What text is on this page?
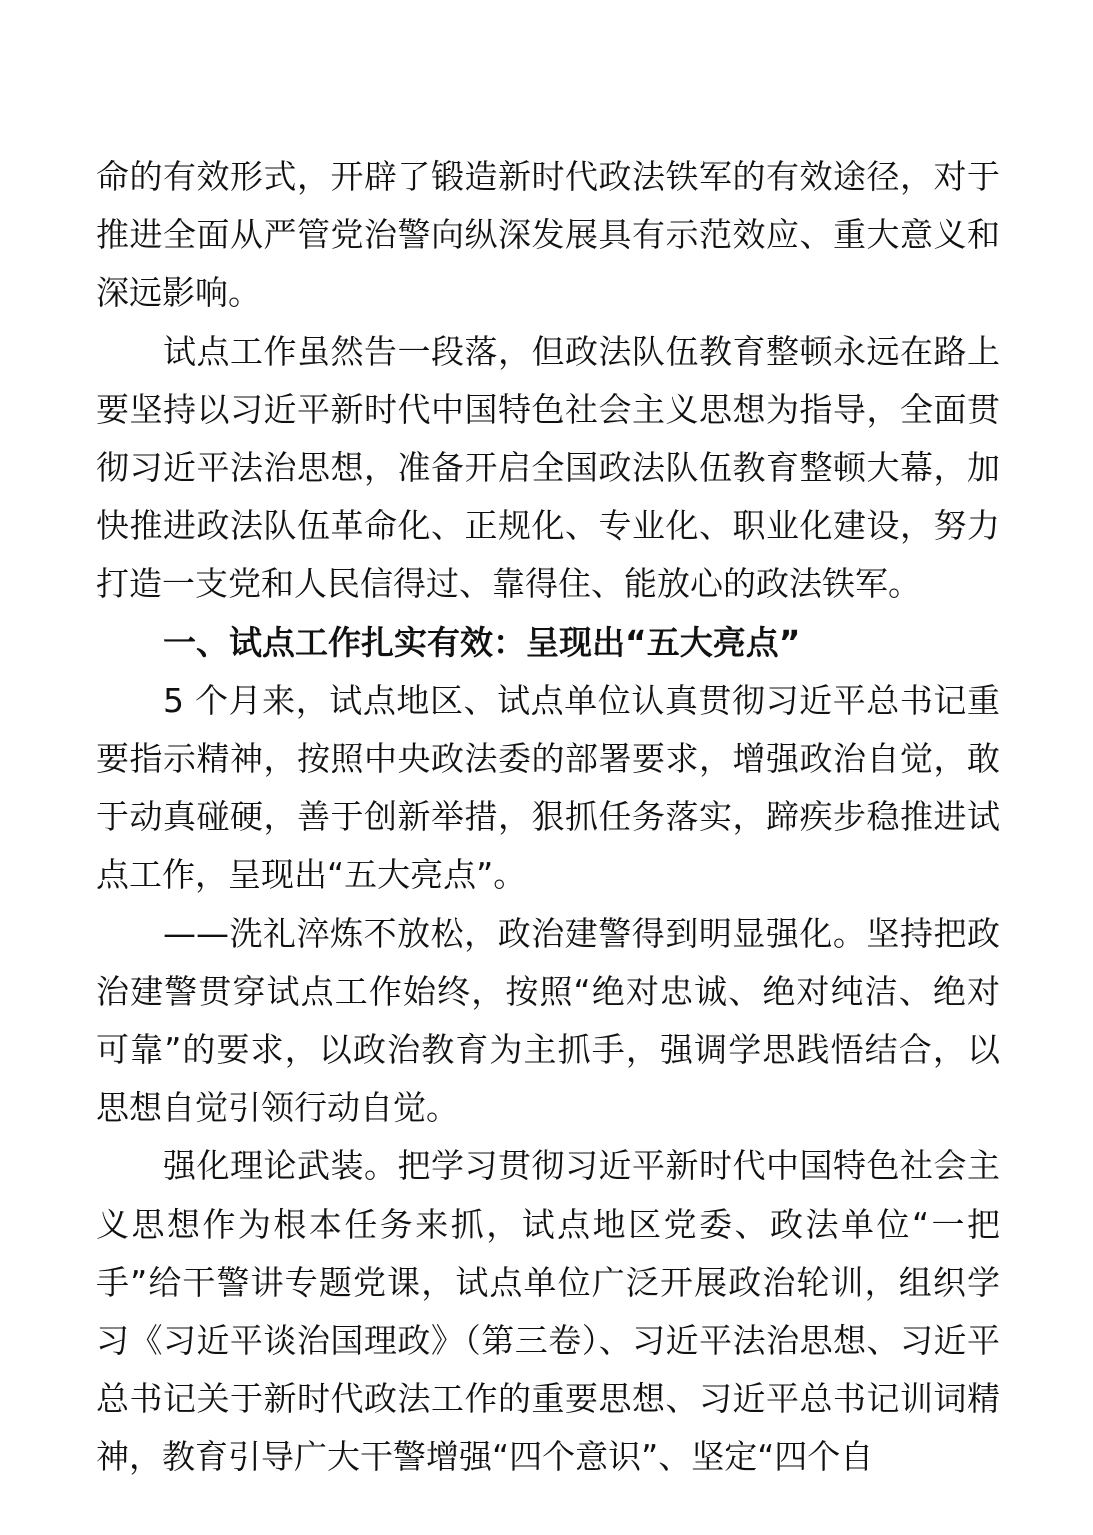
命的有效形式，开辟了锻造新时代政法铁军的有效途径，对于推进全面从严管党治警向纵深发展具有示范效应、重大意义和深远影响。

试点工作虽然告一段落，但政法队伍教育整顿永远在路上要坚持以习近平新时代中国特色社会主义思想为指导，全面贯彻习近平法治思想，准备开启全国政法队伍教育整顿大幕，加快推进政法队伍革命化、正规化、专业化、职业化建设，努力打造一支党和人民信得过、靠得住、能放心的政法铁军。

一、试点工作扎实有效：呈现出“五大亮点”

5 个月来，试点地区、试点单位认真贯彻习近平总书记重要指示精神，按照中央政法委的部署要求，增强政治自觉，敢于动真碰硬，善于创新举措，狠抓任务落实，蹄疾步稳推进试点工作，呈现出“五大亮点”。

——洗礼淬炼不放松，政治建警得到明显强化。坚持把政治建警贯穿试点工作始终，按照“绝对忠诚、绝对纯洁、绝对可靠”的要求，以政治教育为主抓手，强调学思践悟结合，以思想自觉引领行动自觉。

强化理论武装。把学习贯彻习近平新时代中国特色社会主义思想作为根本任务来抓，试点地区党委、政法单位“一把手”给干警讲专题党课，试点单位广泛开展政治轮训，组织学习《习近平谈治国理政》（第三卷）、习近平法治思想、习近平总书记关于新时代政法工作的重要思想、习近平总书记训词精神，教育引导广大干警增强“四个意识”、坚定“四个自
